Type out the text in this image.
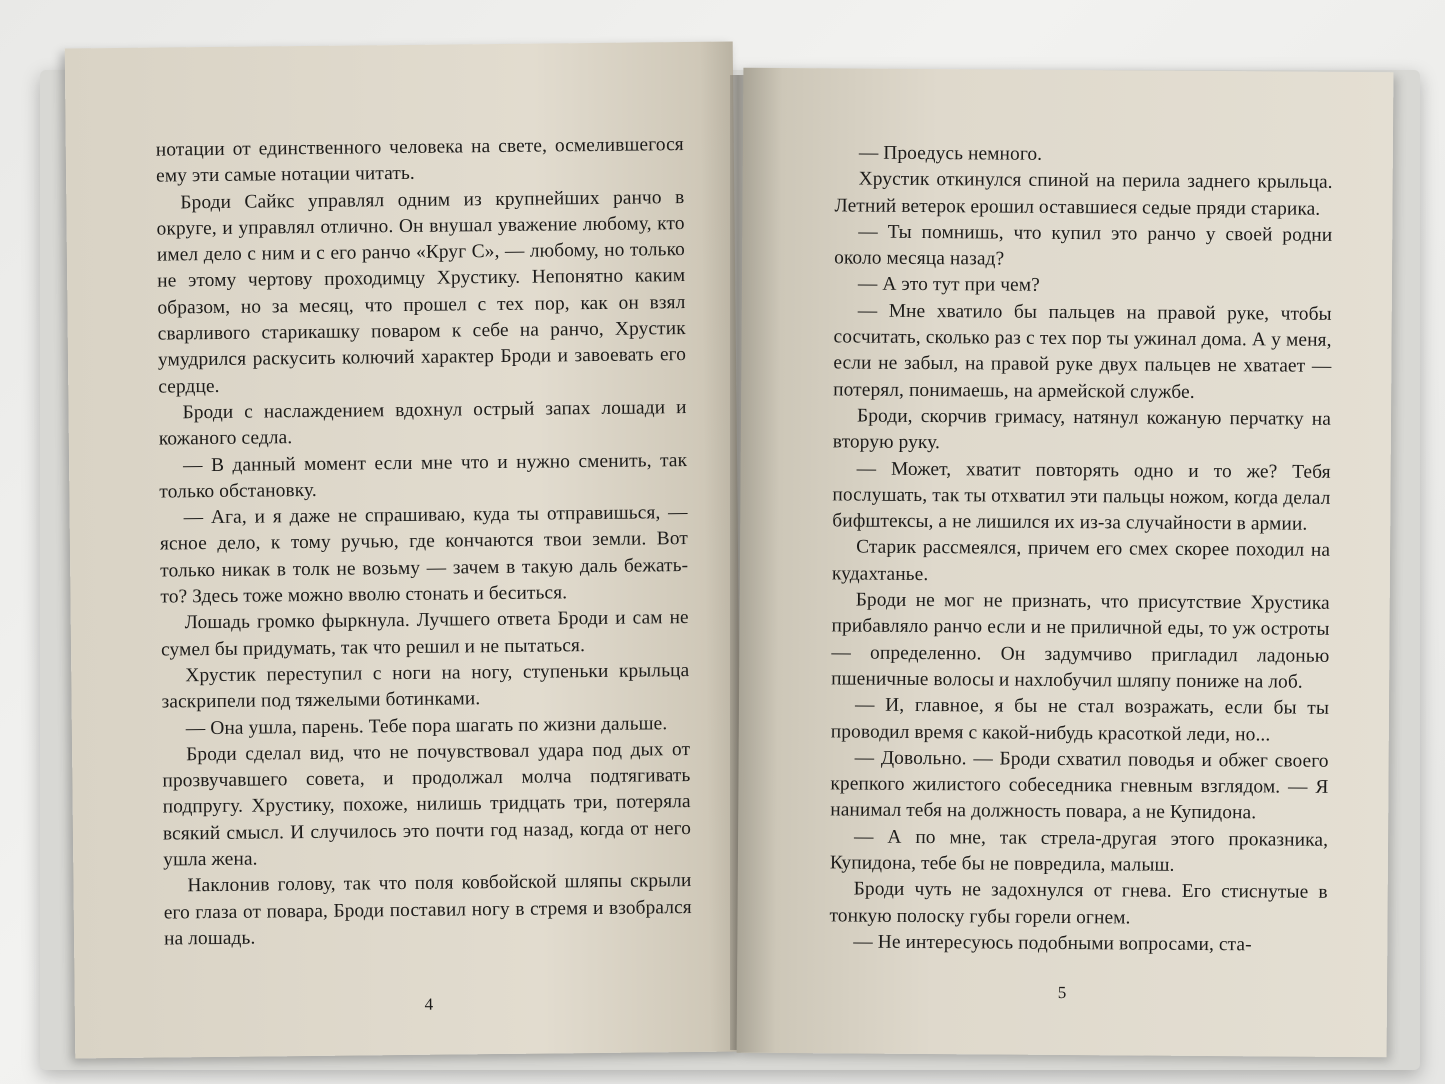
нотации от единственного человека на свете, осмелившегося ему эти самые нотации читать.

Броди Сайкс управлял одним из крупнейших ранчо в округе, и управлял отлично. Он внушал уважение любому, кто имел дело с ним и с его ранчо «Круг С», — любому, но только не этому чертову проходимцу Хрустику. Непонятно каким образом, но за месяц, что прошел с тех пор, как он взял сварливого старикашку поваром к себе на ранчо, Хрустик умудрился раскусить колючий характер Броди и завоевать его сердце.

Броди с наслаждением вдохнул острый запах лошади и кожаного седла.

— В данный момент если мне что и нужно сменить, так только обстановку.

— Ага, и я даже не спрашиваю, куда ты отправишься, — ясное дело, к тому ручью, где кончаются твои земли. Вот только никак в толк не возьму — зачем в такую даль бежать-то? Здесь тоже можно вволю стонать и беситься.

Лошадь громко фыркнула. Лучшего ответа Броди и сам не сумел бы придумать, так что решил и не пытаться.

Хрустик переступил с ноги на ногу, ступеньки крыльца заскрипели под тяжелыми ботинками.

— Она ушла, парень. Тебе пора шагать по жизни дальше.

Броди сделал вид, что не почувствовал удара под дых от прозвучавшего совета, и продолжал молча подтягивать подпругу. Хрустику, похоже, нилишь тридцать три, потеряла всякий смысл. И случилось это почти год назад, когда от него ушла жена.

Наклонив голову, так что поля ковбойской шляпы скрыли его глаза от повара, Броди поставил ногу в стремя и взобрался на лошадь.

4

— Проедусь немного.

Хрустик откинулся спиной на перила заднего крыльца. Летний ветерок ерошил оставшиеся седые пряди старика.

— Ты помнишь, что купил это ранчо у своей родни около месяца назад?

— А это тут при чем?

— Мне хватило бы пальцев на правой руке, чтобы сосчитать, сколько раз с тех пор ты ужинал дома. А у меня, если не забыл, на правой руке двух пальцев не хватает — потерял, понимаешь, на армейской службе.

Броди, скорчив гримасу, натянул кожаную перчатку на вторую руку.

— Может, хватит повторять одно и то же? Тебя послушать, так ты отхватил эти пальцы ножом, когда делал бифштексы, а не лишился их из-за случайности в армии.

Старик рассмеялся, причем его смех скорее походил на кудахтанье.

Броди не мог не признать, что присутствие Хрустика прибавляло ранчо если и не приличной еды, то уж остроты — определенно. Он задумчиво пригладил ладонью пшеничные волосы и нахлобучил шляпу пониже на лоб.

— И, главное, я бы не стал возражать, если бы ты проводил время с какой-нибудь красоткой леди, но...

— Довольно. — Броди схватил поводья и обжег своего крепкого жилистого собеседника гневным взглядом. — Я нанимал тебя на должность повара, а не Купидона.

— А по мне, так стрела-другая этого проказника, Купидона, тебе бы не повредила, малыш.

Броди чуть не задохнулся от гнева. Его стиснутые в тонкую полоску губы горели огнем.

— Не интересуюсь подобными вопросами, ста-

5
